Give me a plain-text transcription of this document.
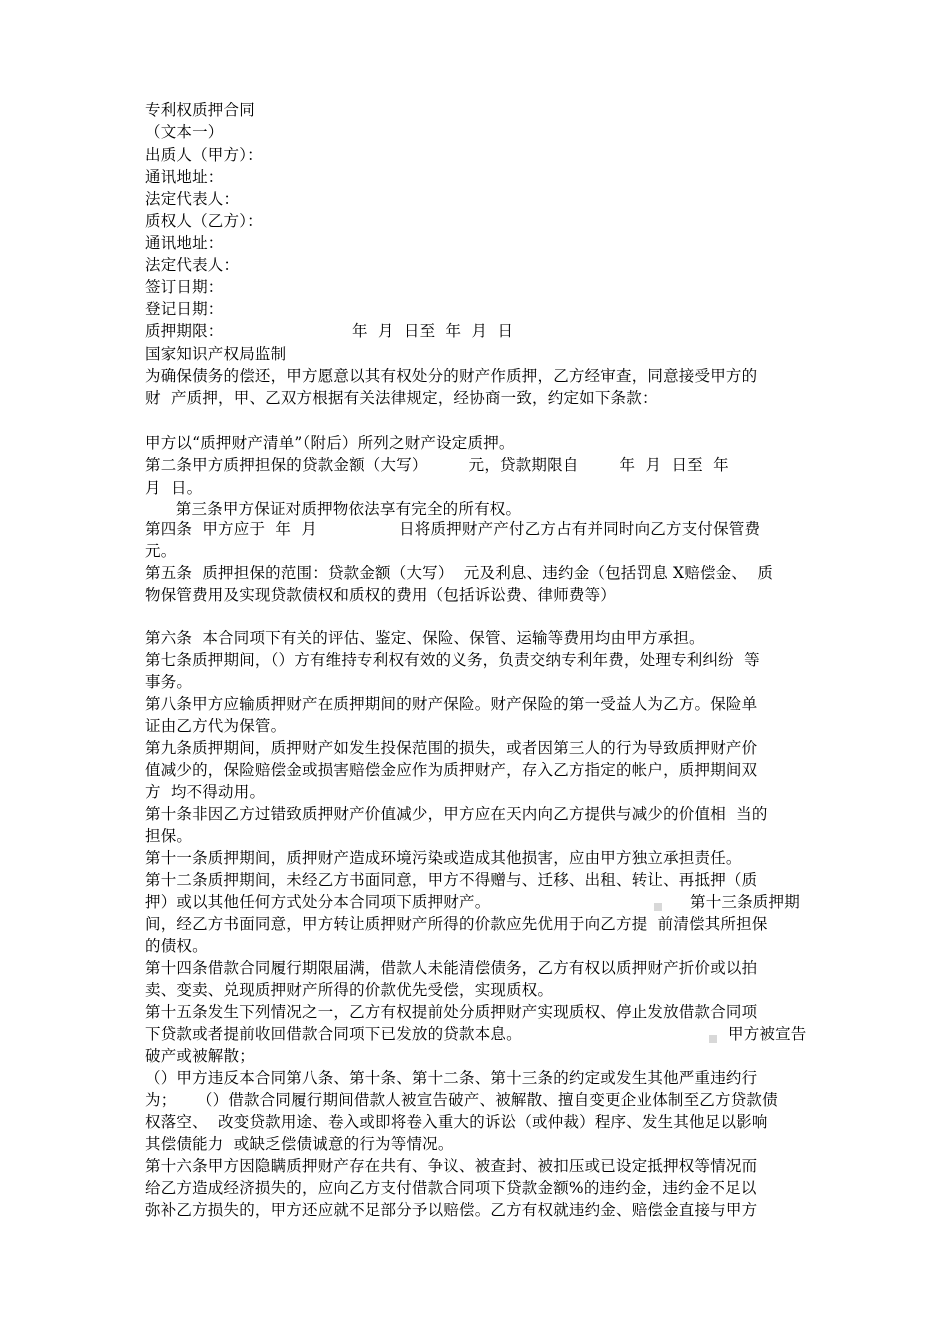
专利权质押合同
（文本一）
出质人（甲方）：
通讯地址：
法定代表人：
质权人（乙方）：
通讯地址：
法定代表人：
签订日期：
登记日期：
质押期限：	年  月  日至  年  月  日
国家知识产权局监制
为确保债务的偿还，甲方愿意以其有权处分的财产作质押，乙方经审查，同意接受甲方的
财  产质押，甲、乙双方根据有关法律规定，经协商一致，约定如下条款：
甲方以“质押财产清单”（附后）所列之财产设定质押。
第二条甲方质押担保的贷款金额（大写）        元，贷款期限自        年  月  日至  年
月  日。
第三条甲方保证对质押物依法享有完全的所有权。
第四条  甲方应于  年  月                日将质押财产产付乙方占有并同时向乙方支付保管费
元。
第五条  质押担保的范围：贷款金额（大写）  元及利息、违约金（包括罚息 X赔偿金、  质
物保管费用及实现贷款债权和质权的费用（包括诉讼费、律师费等）
第六条  本合同项下有关的评估、鉴定、保险、保管、运输等费用均由甲方承担。
第七条质押期间，（）方有维持专利权有效的义务，负责交纳专利年费，处理专利纠纷  等
事务。
第八条甲方应输质押财产在质押期间的财产保险。财产保险的第一受益人为乙方。保险单
证由乙方代为保管。
第九条质押期间，质押财产如发生投保范围的损失，或者因第三人的行为导致质押财产价
值减少的，保险赔偿金或损害赔偿金应作为质押财产，存入乙方指定的帐户，质押期间双
方  均不得动用。
第十条非因乙方过错致质押财产价值减少，甲方应在天内向乙方提供与减少的价值相  当的
担保。
第十一条质押期间，质押财产造成环境污染或造成其他损害，应由甲方独立承担责任。
第十二条质押期间，未经乙方书面同意，甲方不得赠与、迁移、出租、转让、再抵押（质
押）或以其他任何方式处分本合同项下质押财产。	第十三条质押期
间，经乙方书面同意，甲方转让质押财产所得的价款应先优用于向乙方提  前清偿其所担保
的债权。
第十四条借款合同履行期限届满，借款人未能清偿债务，乙方有权以质押财产折价或以拍
卖、变卖、兑现质押财产所得的价款优先受偿，实现质权。
第十五条发生下列情况之一，乙方有权提前处分质押财产实现质权、停止发放借款合同项
下贷款或者提前收回借款合同项下已发放的贷款本息。	甲方被宣告
破产或被解散；
（）甲方违反本合同第八条、第十条、第十二条、第十三条的约定或发生其他严重违约行
为；    （）借款合同履行期间借款人被宣告破产、被解散、擅自变更企业体制至乙方贷款债
权落空、  改变贷款用途、卷入或即将卷入重大的诉讼（或仲裁）程序、发生其他足以影响
其偿债能力  或缺乏偿债诚意的行为等情况。
第十六条甲方因隐瞒质押财产存在共有、争议、被查封、被扣压或已设定抵押权等情况而
给乙方造成经济损失的，应向乙方支付借款合同项下贷款金额%的违约金，违约金不足以
弥补乙方损失的，甲方还应就不足部分予以赔偿。乙方有权就违约金、赔偿金直接与甲方
